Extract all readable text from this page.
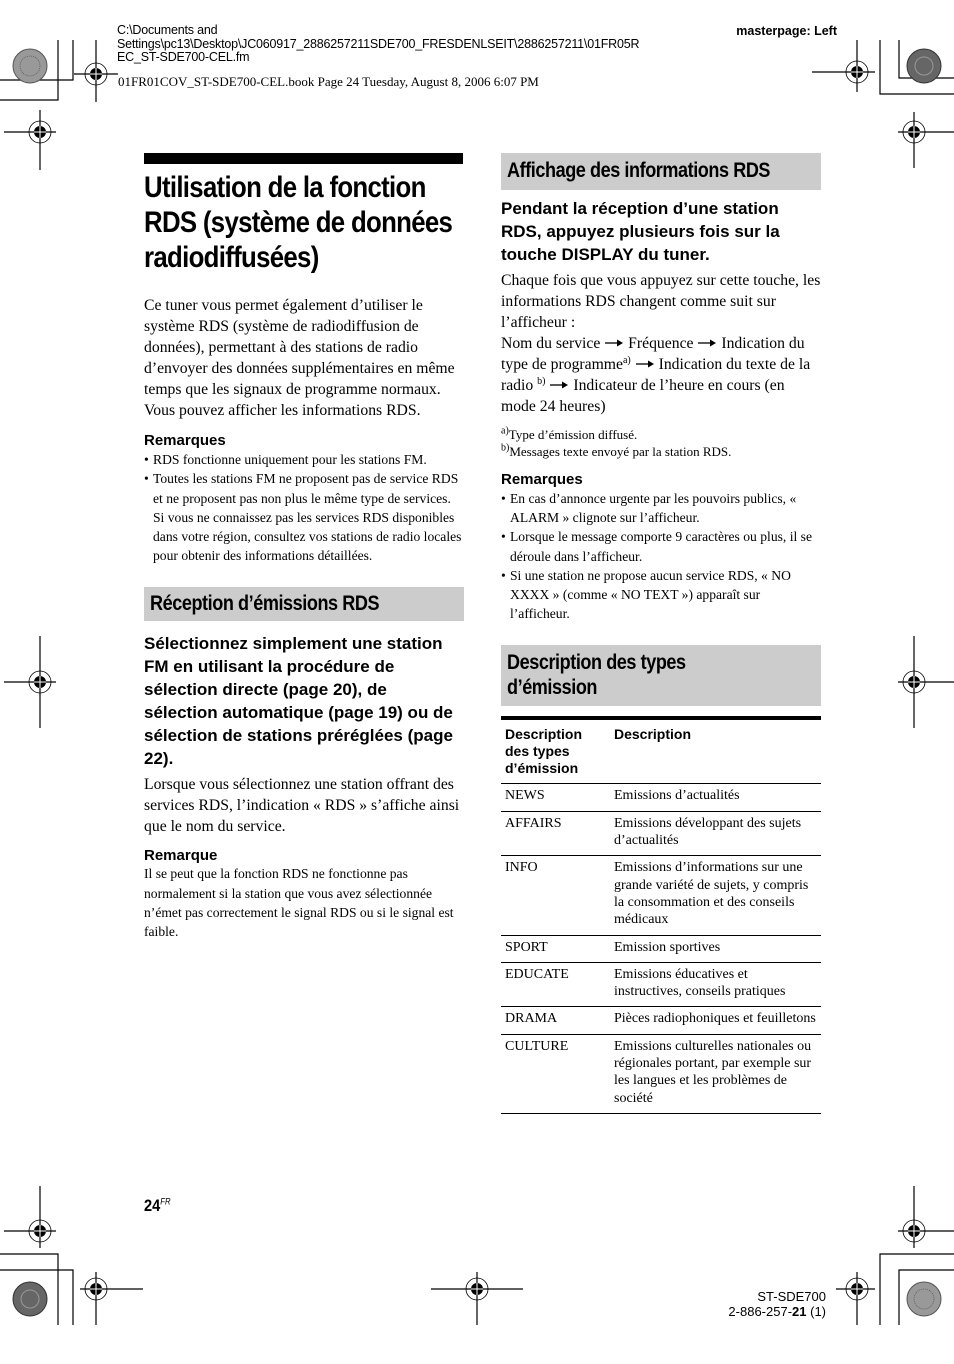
C:\Documents and
Settings\pc13\Desktop\JC060917_2886257211SDE700_FRESDENLSEIT\2886257211\01FR05R
EC_ST-SDE700-CEL.fm
masterpage: Left
01FR01COV_ST-SDE700-CEL.book Page 24 Tuesday, August 8, 2006 6:07 PM
Utilisation de la fonction RDS (système de données radiodiffusées)

Ce tuner vous permet également d’utiliser le système RDS (système de radiodiffusion de données), permettant à des stations de radio d’envoyer des données supplémentaires en même temps que les signaux de programme normaux. Vous pouvez afficher les informations RDS.

Remarques
• RDS fonctionne uniquement pour les stations FM.
• Toutes les stations FM ne proposent pas de service RDS et ne proposent pas non plus le même type de services. Si vous ne connaissez pas les services RDS disponibles dans votre région, consultez vos stations de radio locales pour obtenir des informations détaillées.
Réception d’émissions RDS

Sélectionnez simplement une station FM en utilisant la procédure de sélection directe (page 20), de sélection automatique (page 19) ou de sélection de stations préréglées (page 22).

Lorsque vous sélectionnez une station offrant des services RDS, l’indication « RDS » s’affiche ainsi que le nom du service.

Remarque

Il se peut que la fonction RDS ne fonctionne pas normalement si la station que vous avez sélectionnée n’émet pas correctement le signal RDS ou si le signal est faible.

Affichage des informations RDS

Pendant la réception d’une station RDS, appuyez plusieurs fois sur la touche DISPLAY du tuner.

Chaque fois que vous appuyez sur cette touche, les informations RDS changent comme suit sur l’afficheur :
Nom du service Fréquence Indication du type de programme$^{a)}$ Indication du texte de la radio $^{b)}$ Indicateur de l’heure en cours (en mode 24 heures)

$^{a)}$Type d’émission diffusé.

$^{b)}$Messages texte envoyé par la station RDS.

Remarques
• En cas d’annonce urgente par les pouvoirs publics, « ALARM » clignote sur l’afficheur.
• Lorsque le message comporte 9 caractères ou plus, il se déroule dans l’afficheur.
• Si une station ne propose aucun service RDS, « NO XXXX » (comme « NO TEXT ») apparaît sur l’afficheur.
Description des types d’émission
Description des types d’émission	Description
NEWS	Emissions d’actualités
AFFAIRS	Emissions développant des sujets d’actualités
INFO	Emissions d’informations sur une grande variété de sujets, y compris la consommation et des conseils médicaux
SPORT	Emission sportives
EDUCATE	Emissions éducatives et instructives, conseils pratiques
DRAMA	Pièces radiophoniques et feuilletons
CULTURE	Emissions culturelles nationales ou régionales portant, par exemple sur les langues et les problèmes de société
$24^{FR}$
ST-SDE700
2-886-257-21 (1)
